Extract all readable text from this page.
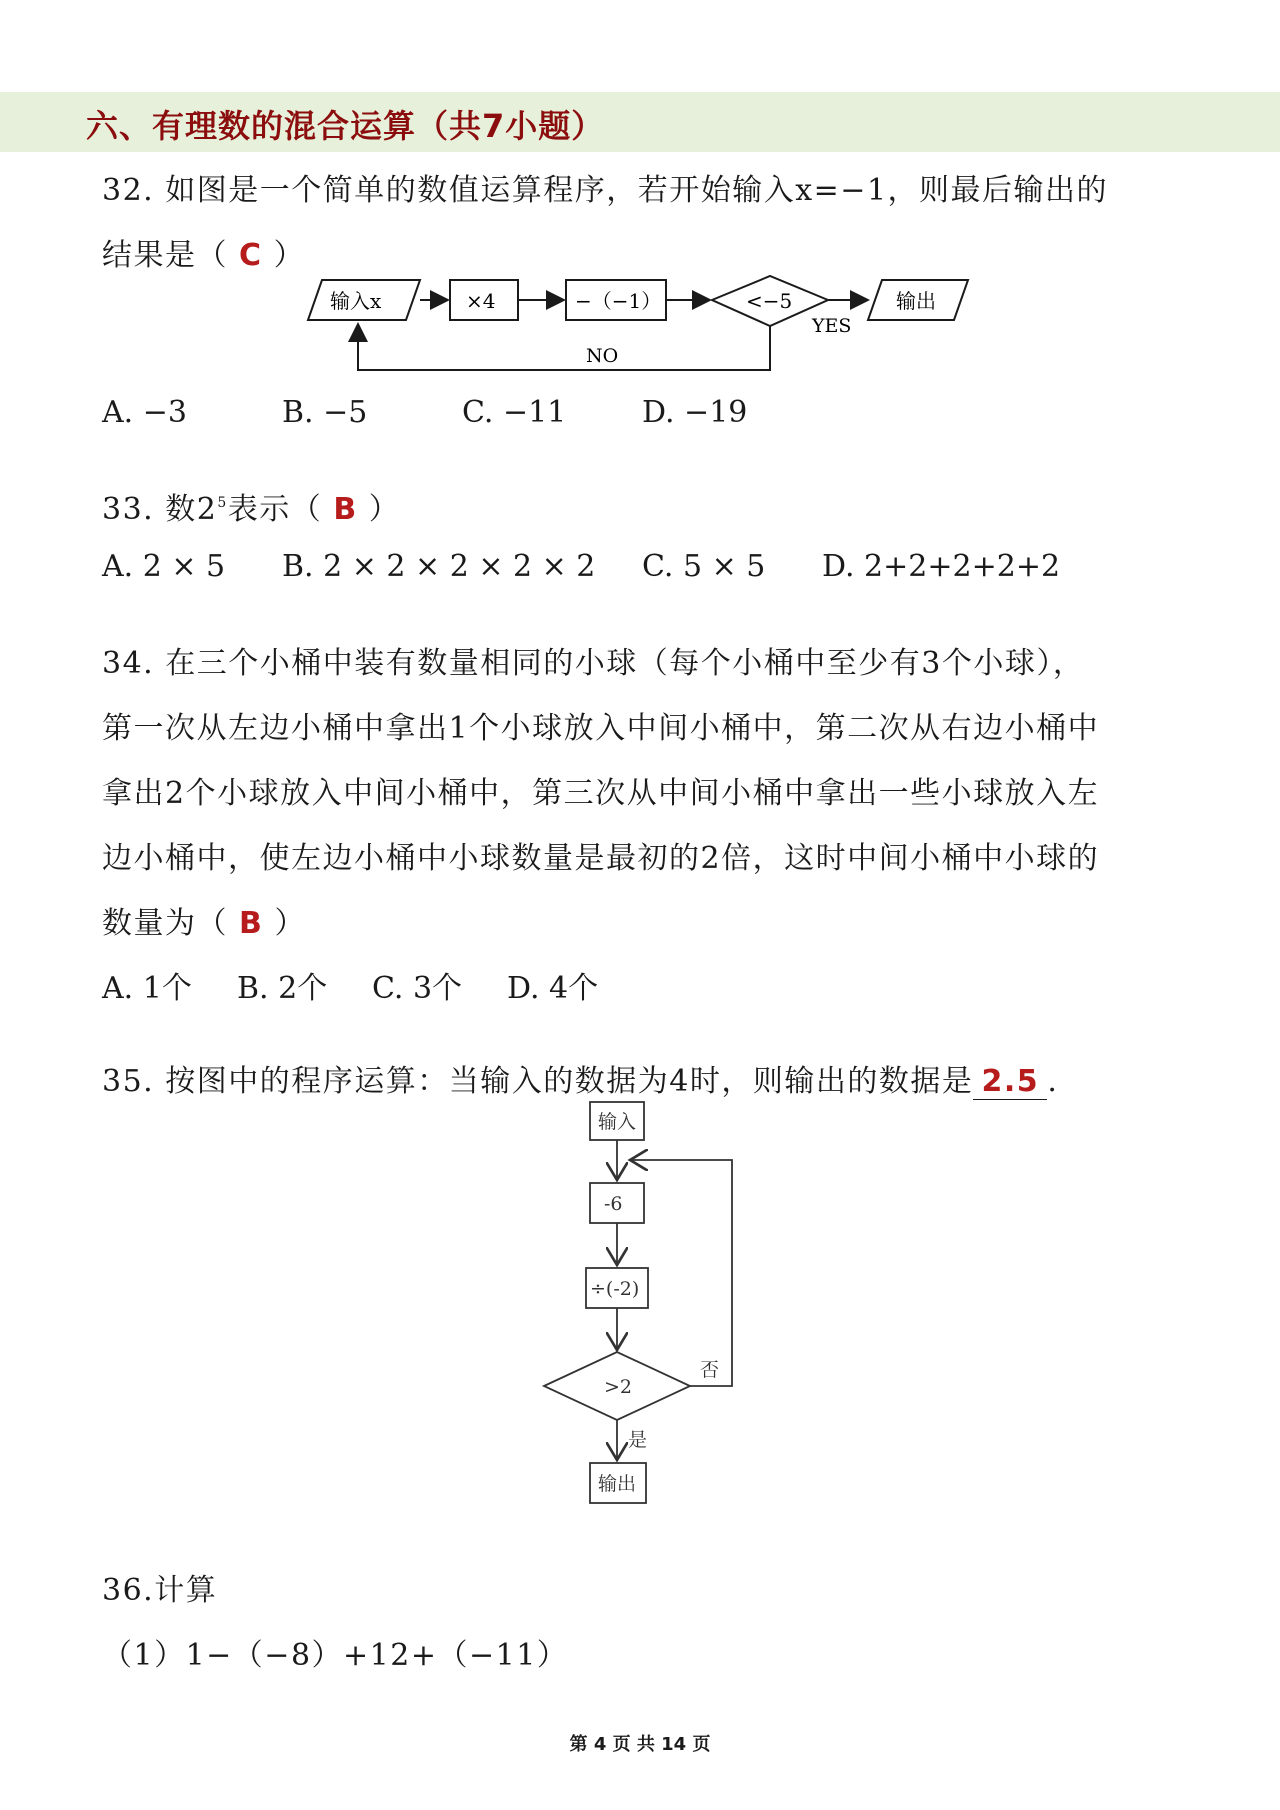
六、有理数的混合运算（共7小题）
32. 如图是一个简单的数值运算程序，若开始输入x=−1，则最后输出的
结果是（ C ）
输入x	×4	−（−1）	<−5
YES
NO
输出
A. −3	B. −5	C. −11	D. −19
33. 数$2^5$表示（ B ）
A. 2 × 5 B. 2 × 2 × 2 × 2 × 2 C. 5 × 5 D. 2+2+2+2+2
34. 在三个小桶中装有数量相同的小球（每个小桶中至少有3个小球），
第一次从左边小桶中拿出1个小球放入中间小桶中，第二次从右边小桶中
拿出2个小球放入中间小桶中，第三次从中间小桶中拿出一些小球放入左
边小桶中，使左边小桶中小球数量是最初的2倍，这时中间小桶中小球的
数量为（ B ）
A. 1个 B. 2个 C. 3个 D. 4个
35. 按图中的程序运算：当输入的数据为4时，则输出的数据是 2.5 .
输入
-6
÷(-2)
>2
否
是
输出
36.计算
（1）1−（−8）+12+（−11）
第 4 页 共 14 页
